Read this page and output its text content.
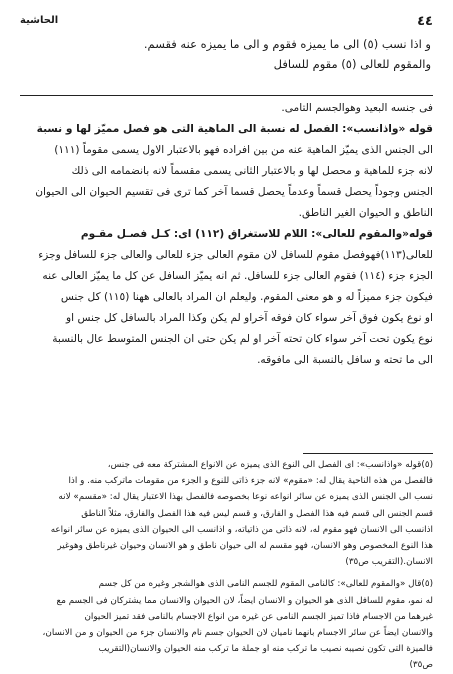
٤٤
الحاشية
و اذا نسب (٥) الى ما يميزه فقوم و الى ما يميزه عنه فقسم.
والمقوم للعالى (٥) مقوم للسافل
فى جنسه البعيد وهوالجسم التامى.
قوله «واذانسب»: الفصل له نسبة الى الماهية التى هو فصل مميّز لها و نسبة
الى الجنس الذى يميّز الماهية عنه من بين افراده فهو بالاعتبار الاول يسمى مقوماً (١١١)
لانه جزء للماهية و محصل لها و بالاعتبار الثانى يسمى مقسماً لانه بانضمامه الى ذلك
الجنس وجوداً يحصل قسماً وعدماً يحصل قسما آخر كما ترى فى تقسيم الحيوان الى الحيوان
الناطق و الحيوان الغير الناطق.
قوله«والمقوم للعالى»: اللام للاستغراق (١١٢) اى: كـل فصـل مقـوم
للعالى(١١٣)فهوفصل مقوم للسافل لان مقوم العالى جزء للعالى والعالى جزء للسافل وجزء
الجزء جزء (١١٤) فقوم العالى جزء للسافل. ثم انه يميّز السافل عن كل ما يميّز العالى عنه
فيكون جزء مميزاً له و هو معنى المقوم. وليعلم ان المراد بالعالى ههنا (١١٥) كل جنس
او نوع يكون فوق آخر سواء كان فوقه آخراو لم يكن وكذا المراد بالسافل كل جنس او
نوع يكون تحت آخر سواء كان تحته آخر او لم يكن حتى ان الجنس المتوسط عال بالنسبة
الى ما تحته و سافل بالنسبة الى مافوقه.
(٥)قوله «واذانسب»: اى الفصل الى النوع الذى يميزه عن الانواع المشتركة معه فى جنس،
فالفصل من هذه الناحية يقال له: «مقوم» لانه جزء ذاتى للنوع و الجزء من مقومات ماتركب منه. و اذا
نسب الى الجنس الذى يميزه عن سائر انواعه نوعا بخصوصه فالفصل بهذا الاعتبار يقال له: «مقسم» لانه
قسم الجنس الى قسم فيه هذا الفصل و الفارق، و قسم ليس فيه هذا الفصل والفارق، مثلاً الناطق
اذانسب الى الانسان فهو مقوم له، لانه ذاتى من ذاتياته، و اذانسب الى الحيوان الذى يميزه عن سائر انواعه
هذا النوع المخصوص وهو الانسان، فهو مقسم له الى حيوان ناطق و هو الانسان وحيوان غيرناطق وهوغير
الانسان.(التقريب ص٣٥)
(٥)قال «والمقوم للعالى»: كالنامى المقوم للجسم النامى الذى هوالشجر وغيره من كل جسم
له نمو، مقوم للسافل الذى هو الحيوان و الانسان ايضاً، لان الحيوان والانسان مما يشتركان فى الجسم مع
غيرهما من الاجسام فاذا تميز الجسم النامى عن غيره من انواع الاجسام بالنامى فقد تميز الحيوان
والانسان ايضاً عن سائر الاجسام بانهما ناميان لان الحيوان جسم نام والانسان جزء من الحيوان و من الانسان،
فالميزة التى تكون نصيبه نصيب ما تركب منه او جملة ما تركب منه الحيوان والانسان(التقريب
ص٣٥)
